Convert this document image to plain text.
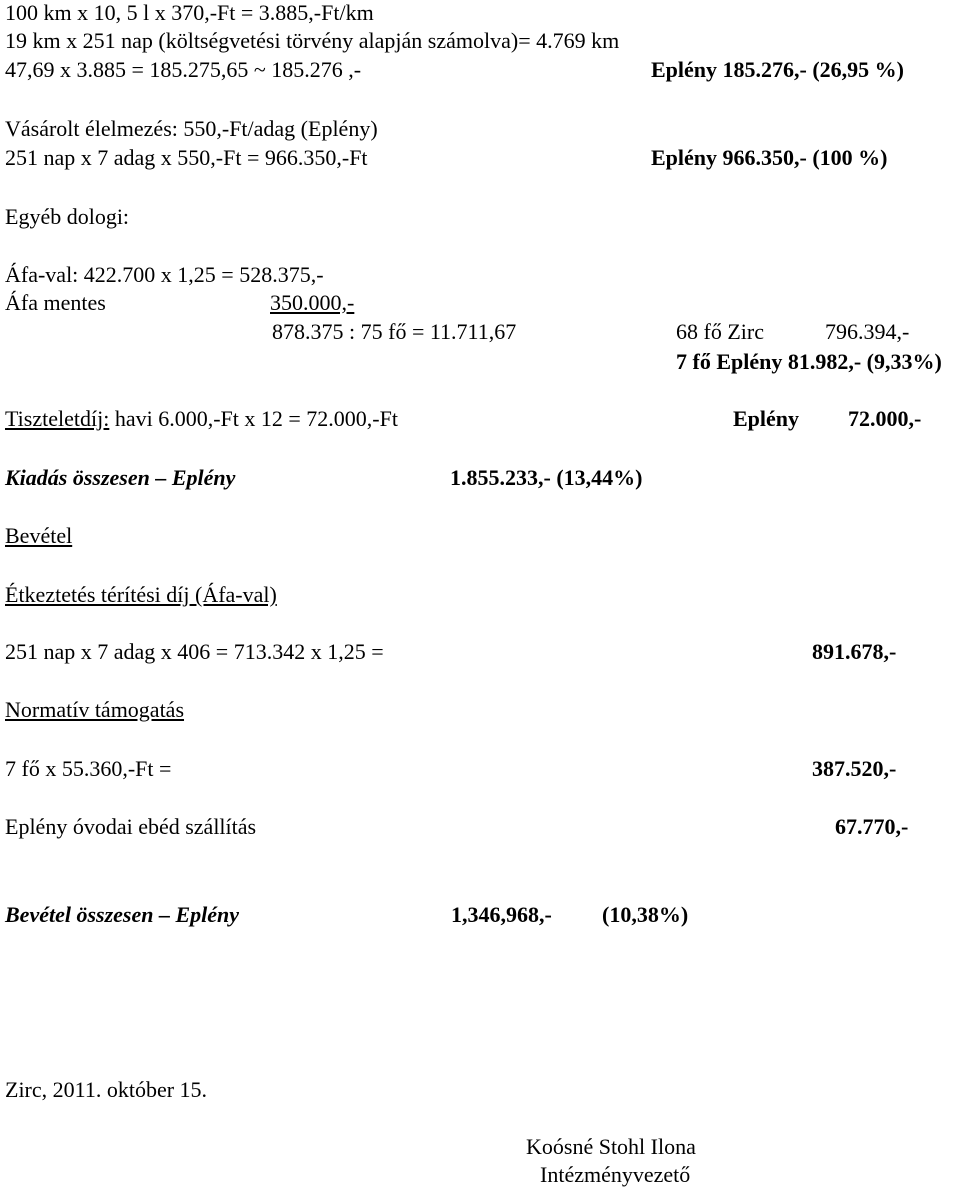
100 km x 10, 5 l x 370,-Ft = 3.885,-Ft/km
19 km x 251 nap (költségvetési törvény alapján számolva)= 4.769 km
47,69 x 3.885 = 185.275,65 ~ 185.276 ,-	Eplény 185.276,- (26,95 %)
Vásárolt élelmezés: 550,-Ft/adag (Eplény)
251 nap x 7 adag x 550,-Ft = 966.350,-Ft	Eplény 966.350,- (100 %)
Egyéb dologi:
Áfa-val: 422.700 x 1,25 = 528.375,-
Áfa mentes	350.000,-
878.375 : 75 fő = 11.711,67	68 fő Zirc	796.394,-
7 fő Eplény 81.982,- (9,33%)
Tiszteletdíj: havi 6.000,-Ft x 12 = 72.000,-Ft	Eplény 72.000,-
Kiadás összesen – Eplény	1.855.233,- (13,44%)
Bevétel
Étkeztetés térítési díj (Áfa-val)
251 nap x 7 adag x 406 = 713.342 x 1,25 =	891.678,-
Normatív támogatás
7 fő x 55.360,-Ft =	387.520,-
Eplény óvodai ebéd szállítás	67.770,-
Bevétel összesen – Eplény	1,346,968,- (10,38%)
Zirc, 2011. október 15.
Koósné Stohl Ilona
Intézményvezető
